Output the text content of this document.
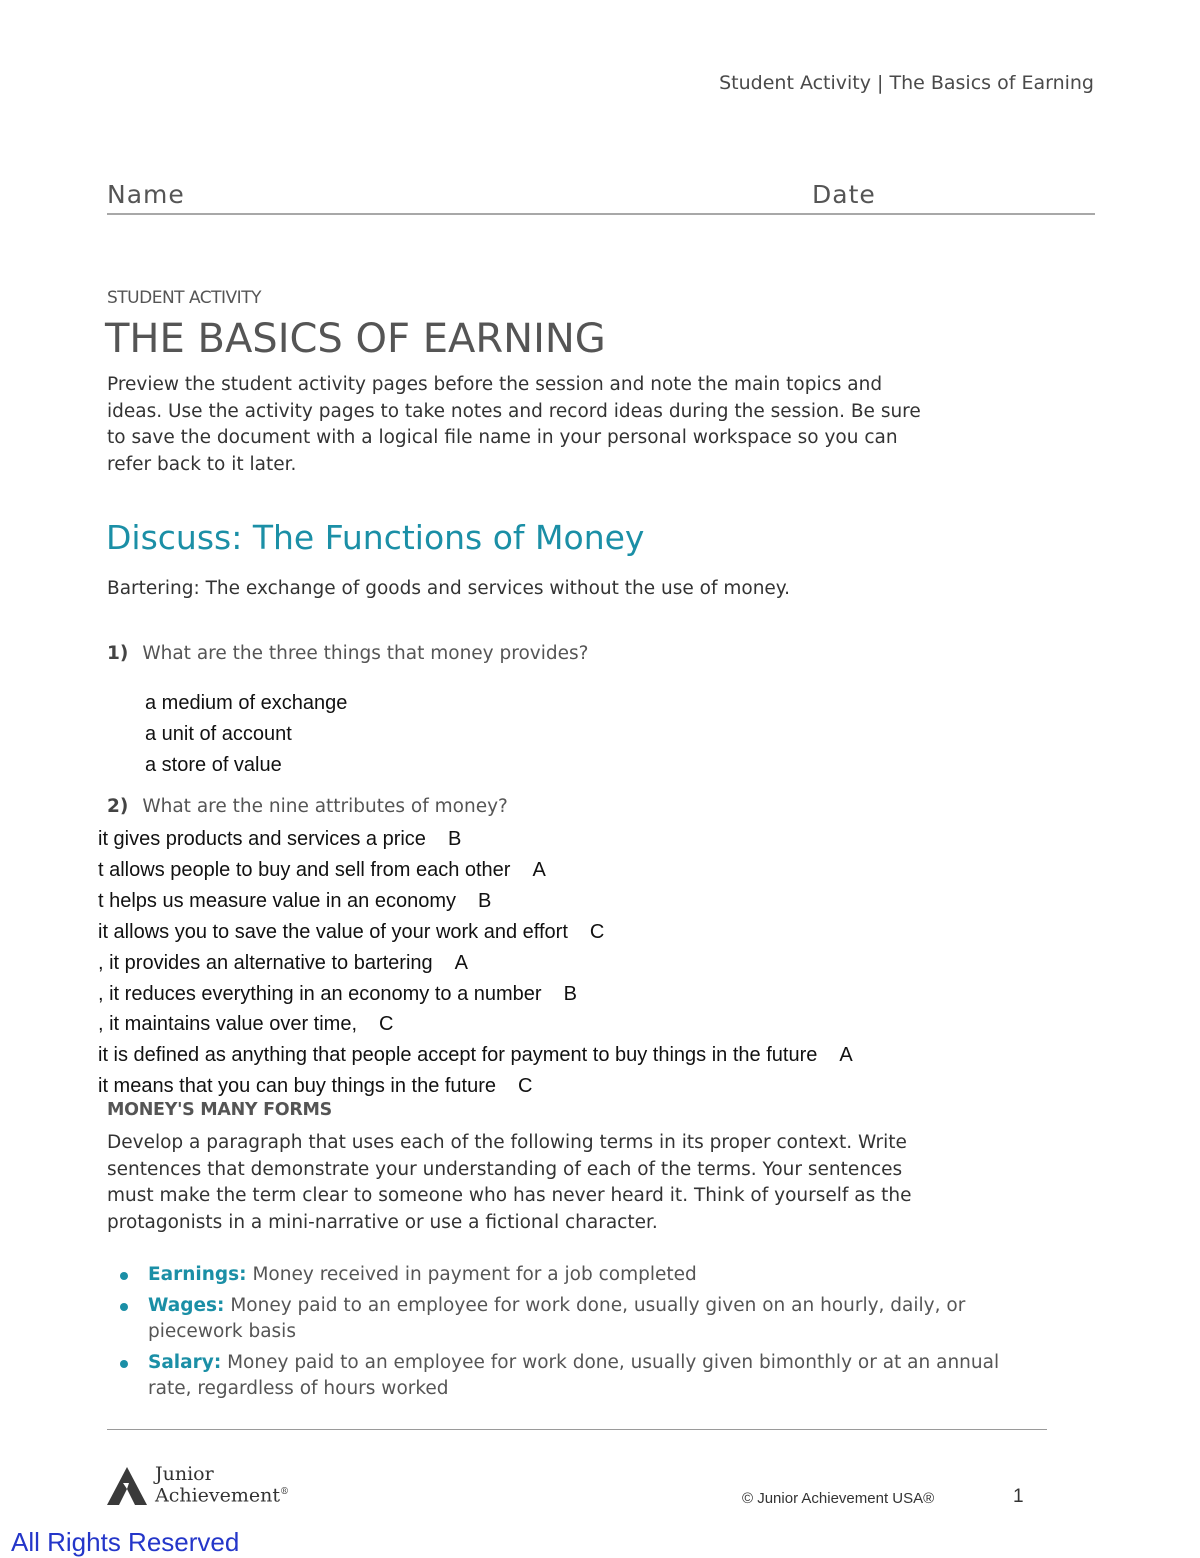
Student Activity | The Basics of Earning
Name	Date
STUDENT ACTIVITY
THE BASICS OF EARNING

Preview the student activity pages before the session and note the main topics and ideas. Use the activity pages to take notes and record ideas during the session. Be sure to save the document with a logical file name in your personal workspace so you can refer back to it later.

Discuss: The Functions of Money
Bartering: The exchange of goods and services without the use of money.
1) What are the three things that money provides?
a medium of exchange
a unit of account
a store of value
2) What are the nine attributes of money?
it gives products and services a price B
t allows people to buy and sell from each other A
t helps us measure value in an economy B
it allows you to save the value of your work and effort C
, it provides an alternative to bartering A
, it reduces everything in an economy to a number B
, it maintains value over time, C
it is defined as anything that people accept for payment to buy things in the future A
it means that you can buy things in the future C
MONEY'S MANY FORMS

Develop a paragraph that uses each of the following terms in its proper context. Write sentences that demonstrate your understanding of each of the terms. Your sentences must make the term clear to someone who has never heard it. Think of yourself as the protagonists in a mini-narrative or use a fictional character.

Earnings: Money received in payment for a job completed
Wages: Money paid to an employee for work done, usually given on an hourly, daily, or piecework basis
Salary: Money paid to an employee for work done, usually given bimonthly or at an annual rate, regardless of hours worked
Junior Achievement®	© Junior Achievement USA®	1
All Rights Reserved
